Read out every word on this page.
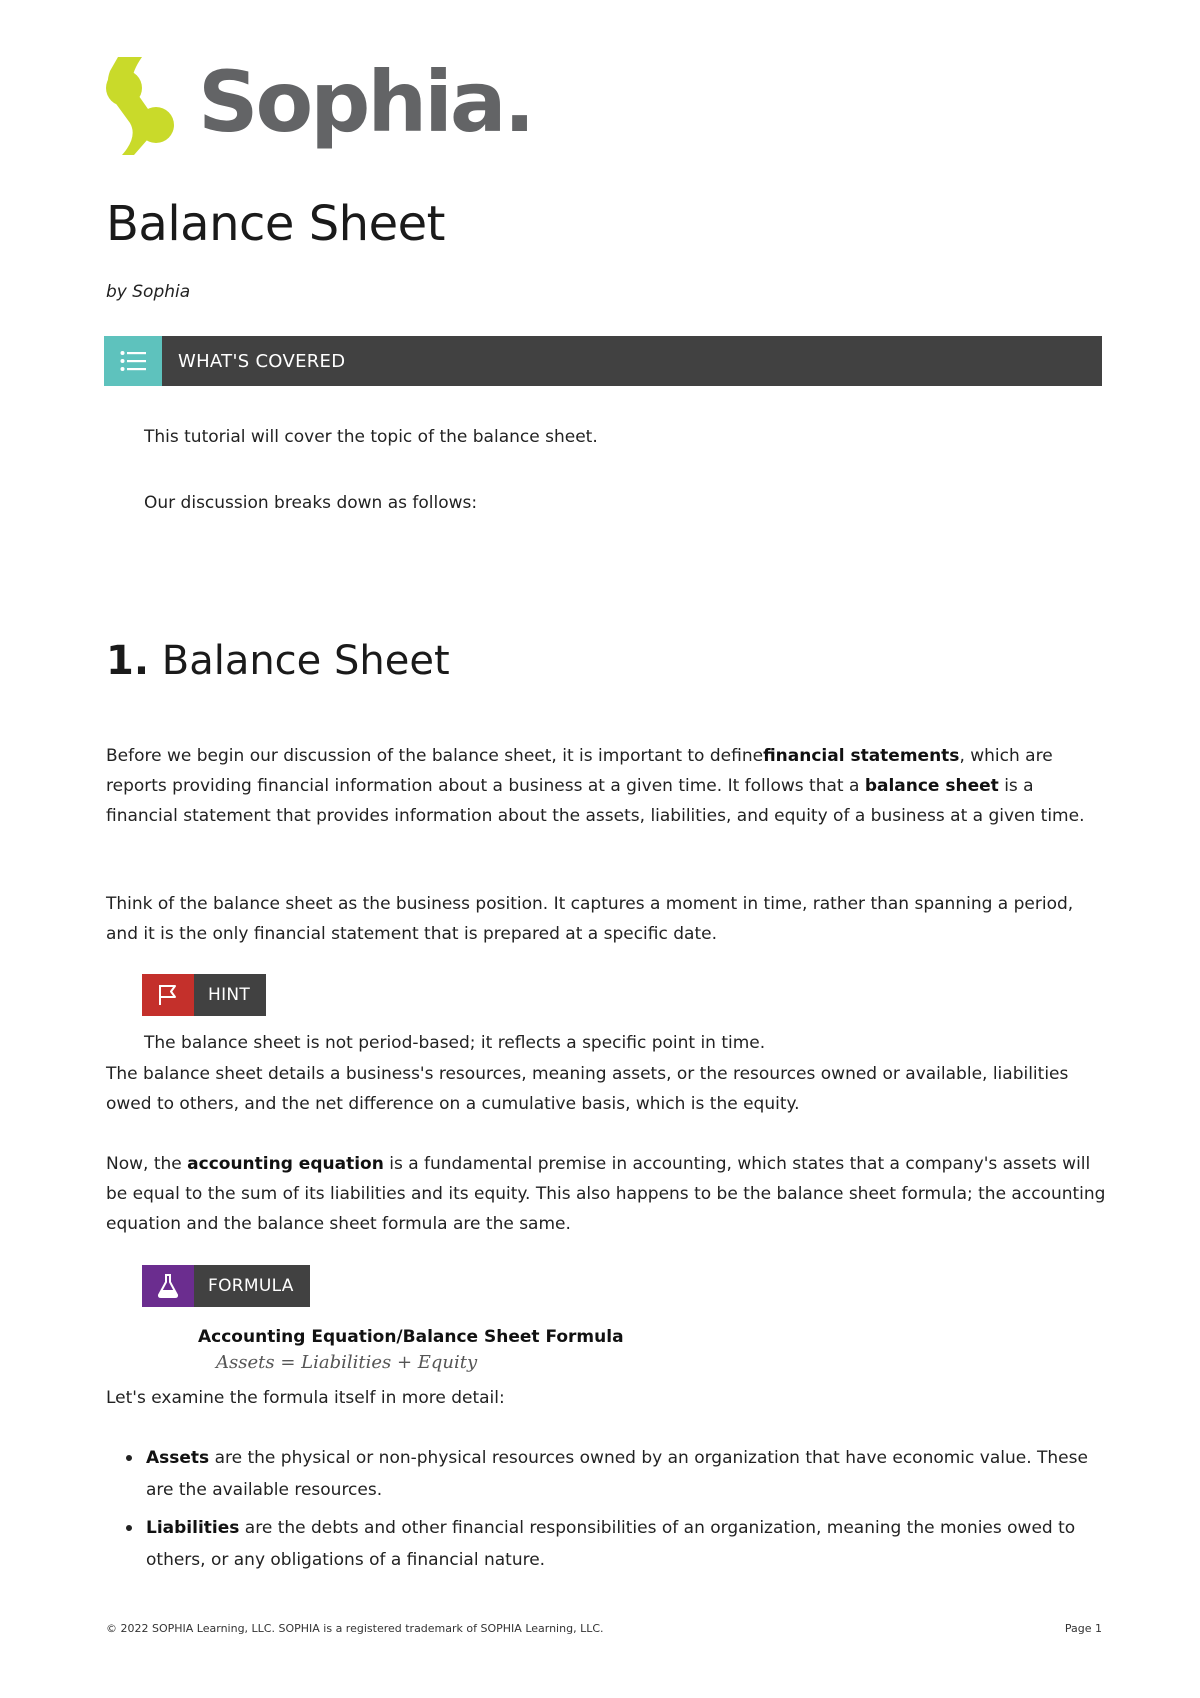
Sophia.
Balance Sheet
by Sophia
WHAT'S COVERED
This tutorial will cover the topic of the balance sheet.
Our discussion breaks down as follows:
1. Balance Sheet

Before we begin our discussion of the balance sheet, it is important to definefinancial statements, which are reports providing financial information about a business at a given time. It follows that a balance sheet is a financial statement that provides information about the assets, liabilities, and equity of a business at a given time.

Think of the balance sheet as the business position. It captures a moment in time, rather than spanning a period, and it is the only financial statement that is prepared at a specific date.

HINT
The balance sheet is not period-based; it reflects a specific point in time.

The balance sheet details a business's resources, meaning assets, or the resources owned or available, liabilities owed to others, and the net difference on a cumulative basis, which is the equity.

Now, the accounting equation is a fundamental premise in accounting, which states that a company's assets will be equal to the sum of its liabilities and its equity. This also happens to be the balance sheet formula; the accounting equation and the balance sheet formula are the same.

FORMULA
Accounting Equation/Balance Sheet Formula
Assets = Liabilities + Equity

Let's examine the formula itself in more detail:

Assets are the physical or non-physical resources owned by an organization that have economic value. These are the available resources.
Liabilities are the debts and other financial responsibilities of an organization, meaning the monies owed to others, or any obligations of a financial nature.
© 2022 SOPHIA Learning, LLC. SOPHIA is a registered trademark of SOPHIA Learning, LLC.	Page 1
